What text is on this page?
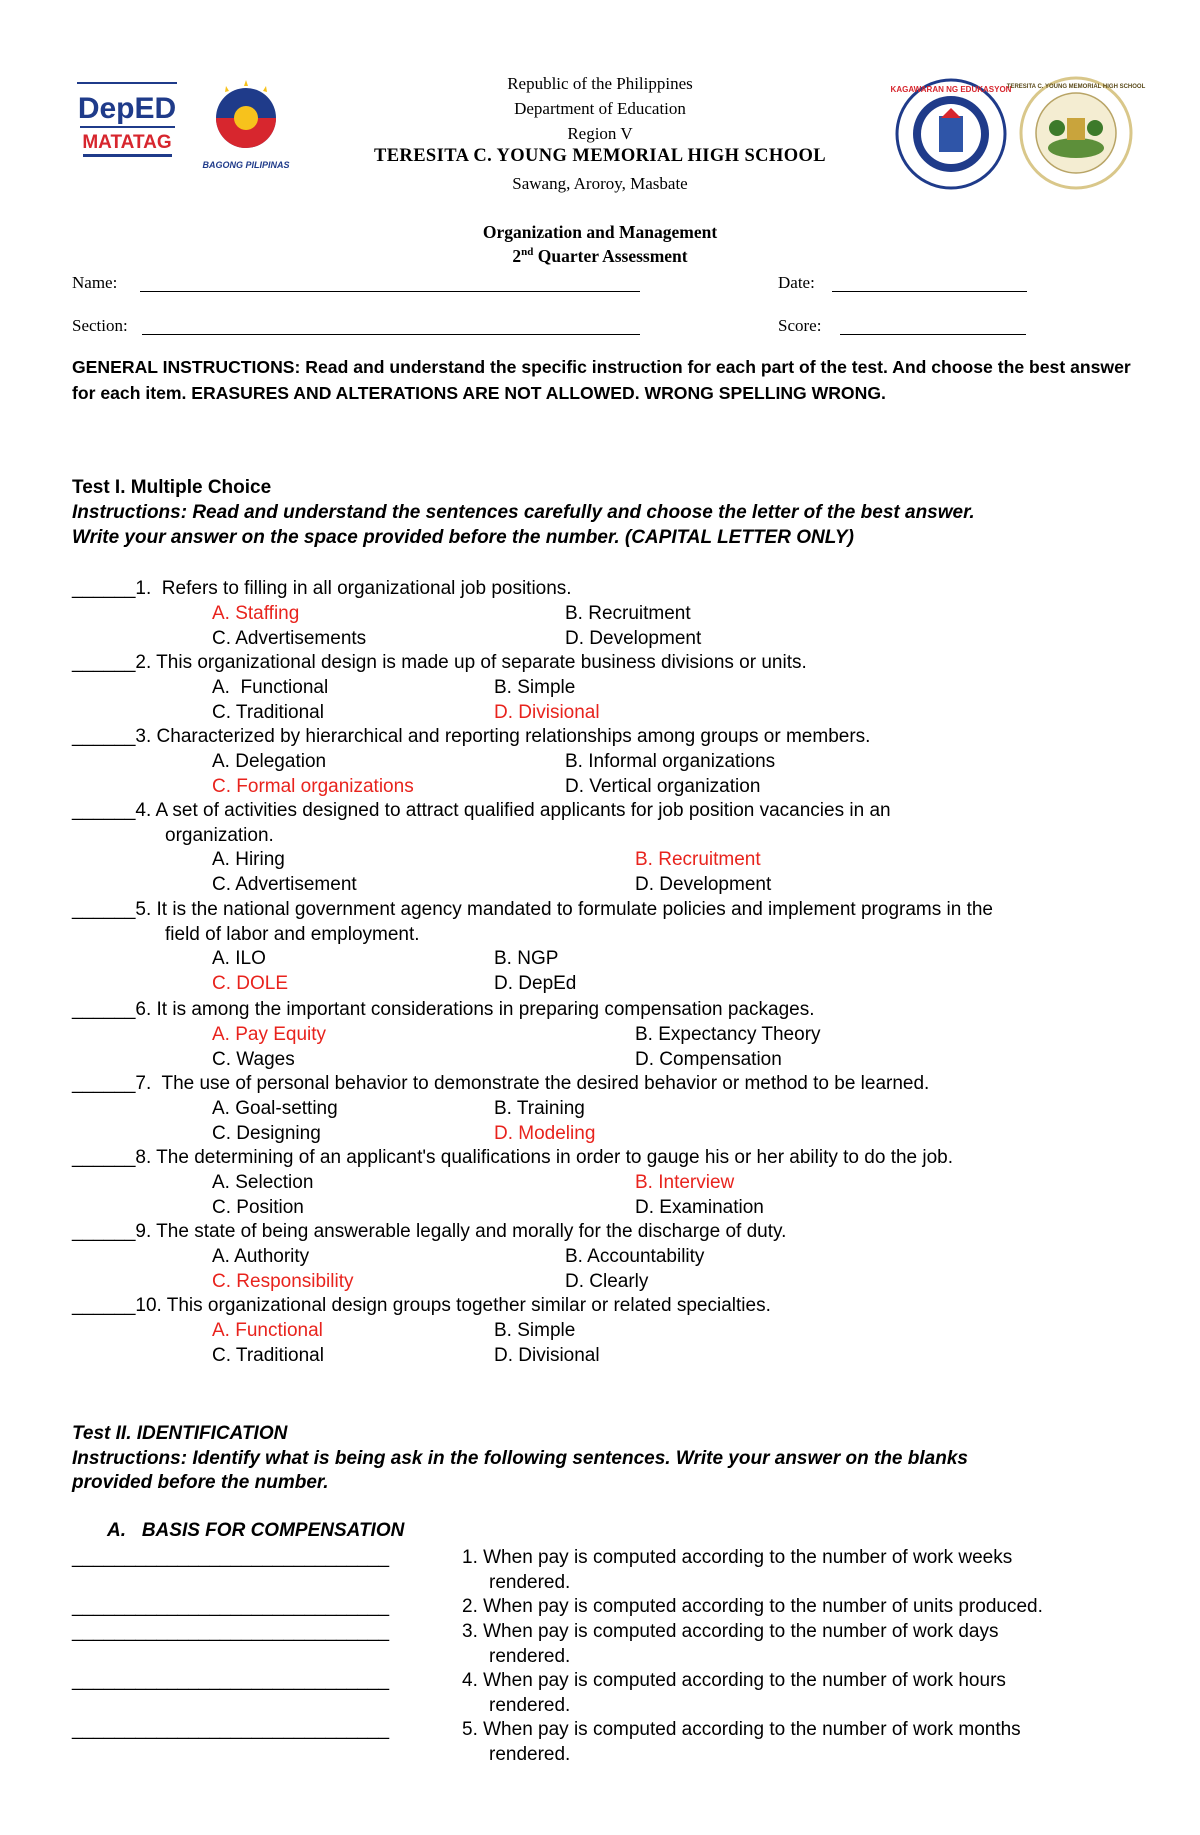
DepED
MATATAG
BAGONG PILIPINAS
KAGAWARAN NG EDUKASYON
TERESITA C. YOUNG MEMORIAL HIGH SCHOOL
Republic of the Philippines
Department of Education
Region V
TERESITA C. YOUNG MEMORIAL HIGH SCHOOL
Sawang, Aroroy, Masbate
Organization and Management
2nd Quarter Assessment
Name:	Date:
Section:	Score:
GENERAL INSTRUCTIONS: Read and understand the specific instruction for each part of the test. And choose the best answer for each item. ERASURES AND ALTERATIONS ARE NOT ALLOWED. WRONG SPELLING WRONG.
Test I. Multiple Choice
Instructions: Read and understand the sentences carefully and choose the letter of the best answer.
Write your answer on the space provided before the number. (CAPITAL LETTER ONLY)
______1.  Refers to filling in all organizational job positions.
A. Staffing	B. Recruitment
C. Advertisements	D. Development
______2. This organizational design is made up of separate business divisions or units.
A.  Functional	B. Simple
C. Traditional	D. Divisional
______3. Characterized by hierarchical and reporting relationships among groups or members.
A. Delegation	B. Informal organizations
C. Formal organizations	D. Vertical organization
______4. A set of activities designed to attract qualified applicants for job position vacancies in an
organization.
A. Hiring	B. Recruitment
C. Advertisement	D. Development
______5. It is the national government agency mandated to formulate policies and implement programs in the
field of labor and employment.
A. ILO	B. NGP
C. DOLE	D. DepEd
______6. It is among the important considerations in preparing compensation packages.
A. Pay Equity	B. Expectancy Theory
C. Wages	D. Compensation
______7.  The use of personal behavior to demonstrate the desired behavior or method to be learned.
A. Goal-setting	B. Training
C. Designing	D. Modeling
______8. The determining of an applicant's qualifications in order to gauge his or her ability to do the job.
A. Selection	B. Interview
C. Position	D. Examination
______9. The state of being answerable legally and morally for the discharge of duty.
A. Authority	B. Accountability
C. Responsibility	D. Clearly
______10. This organizational design groups together similar or related specialties.
A. Functional	B. Simple
C. Traditional	D. Divisional
Test II. IDENTIFICATION
Instructions: Identify what is being ask in the following sentences. Write your answer on the blanks
provided before the number.
A.   BASIS FOR COMPENSATION
______________________________	1. When pay is computed according to the number of work weeks
rendered.
______________________________	2. When pay is computed according to the number of units produced.
______________________________	3. When pay is computed according to the number of work days
rendered.
______________________________	4. When pay is computed according to the number of work hours
rendered.
______________________________	5. When pay is computed according to the number of work months
rendered.
